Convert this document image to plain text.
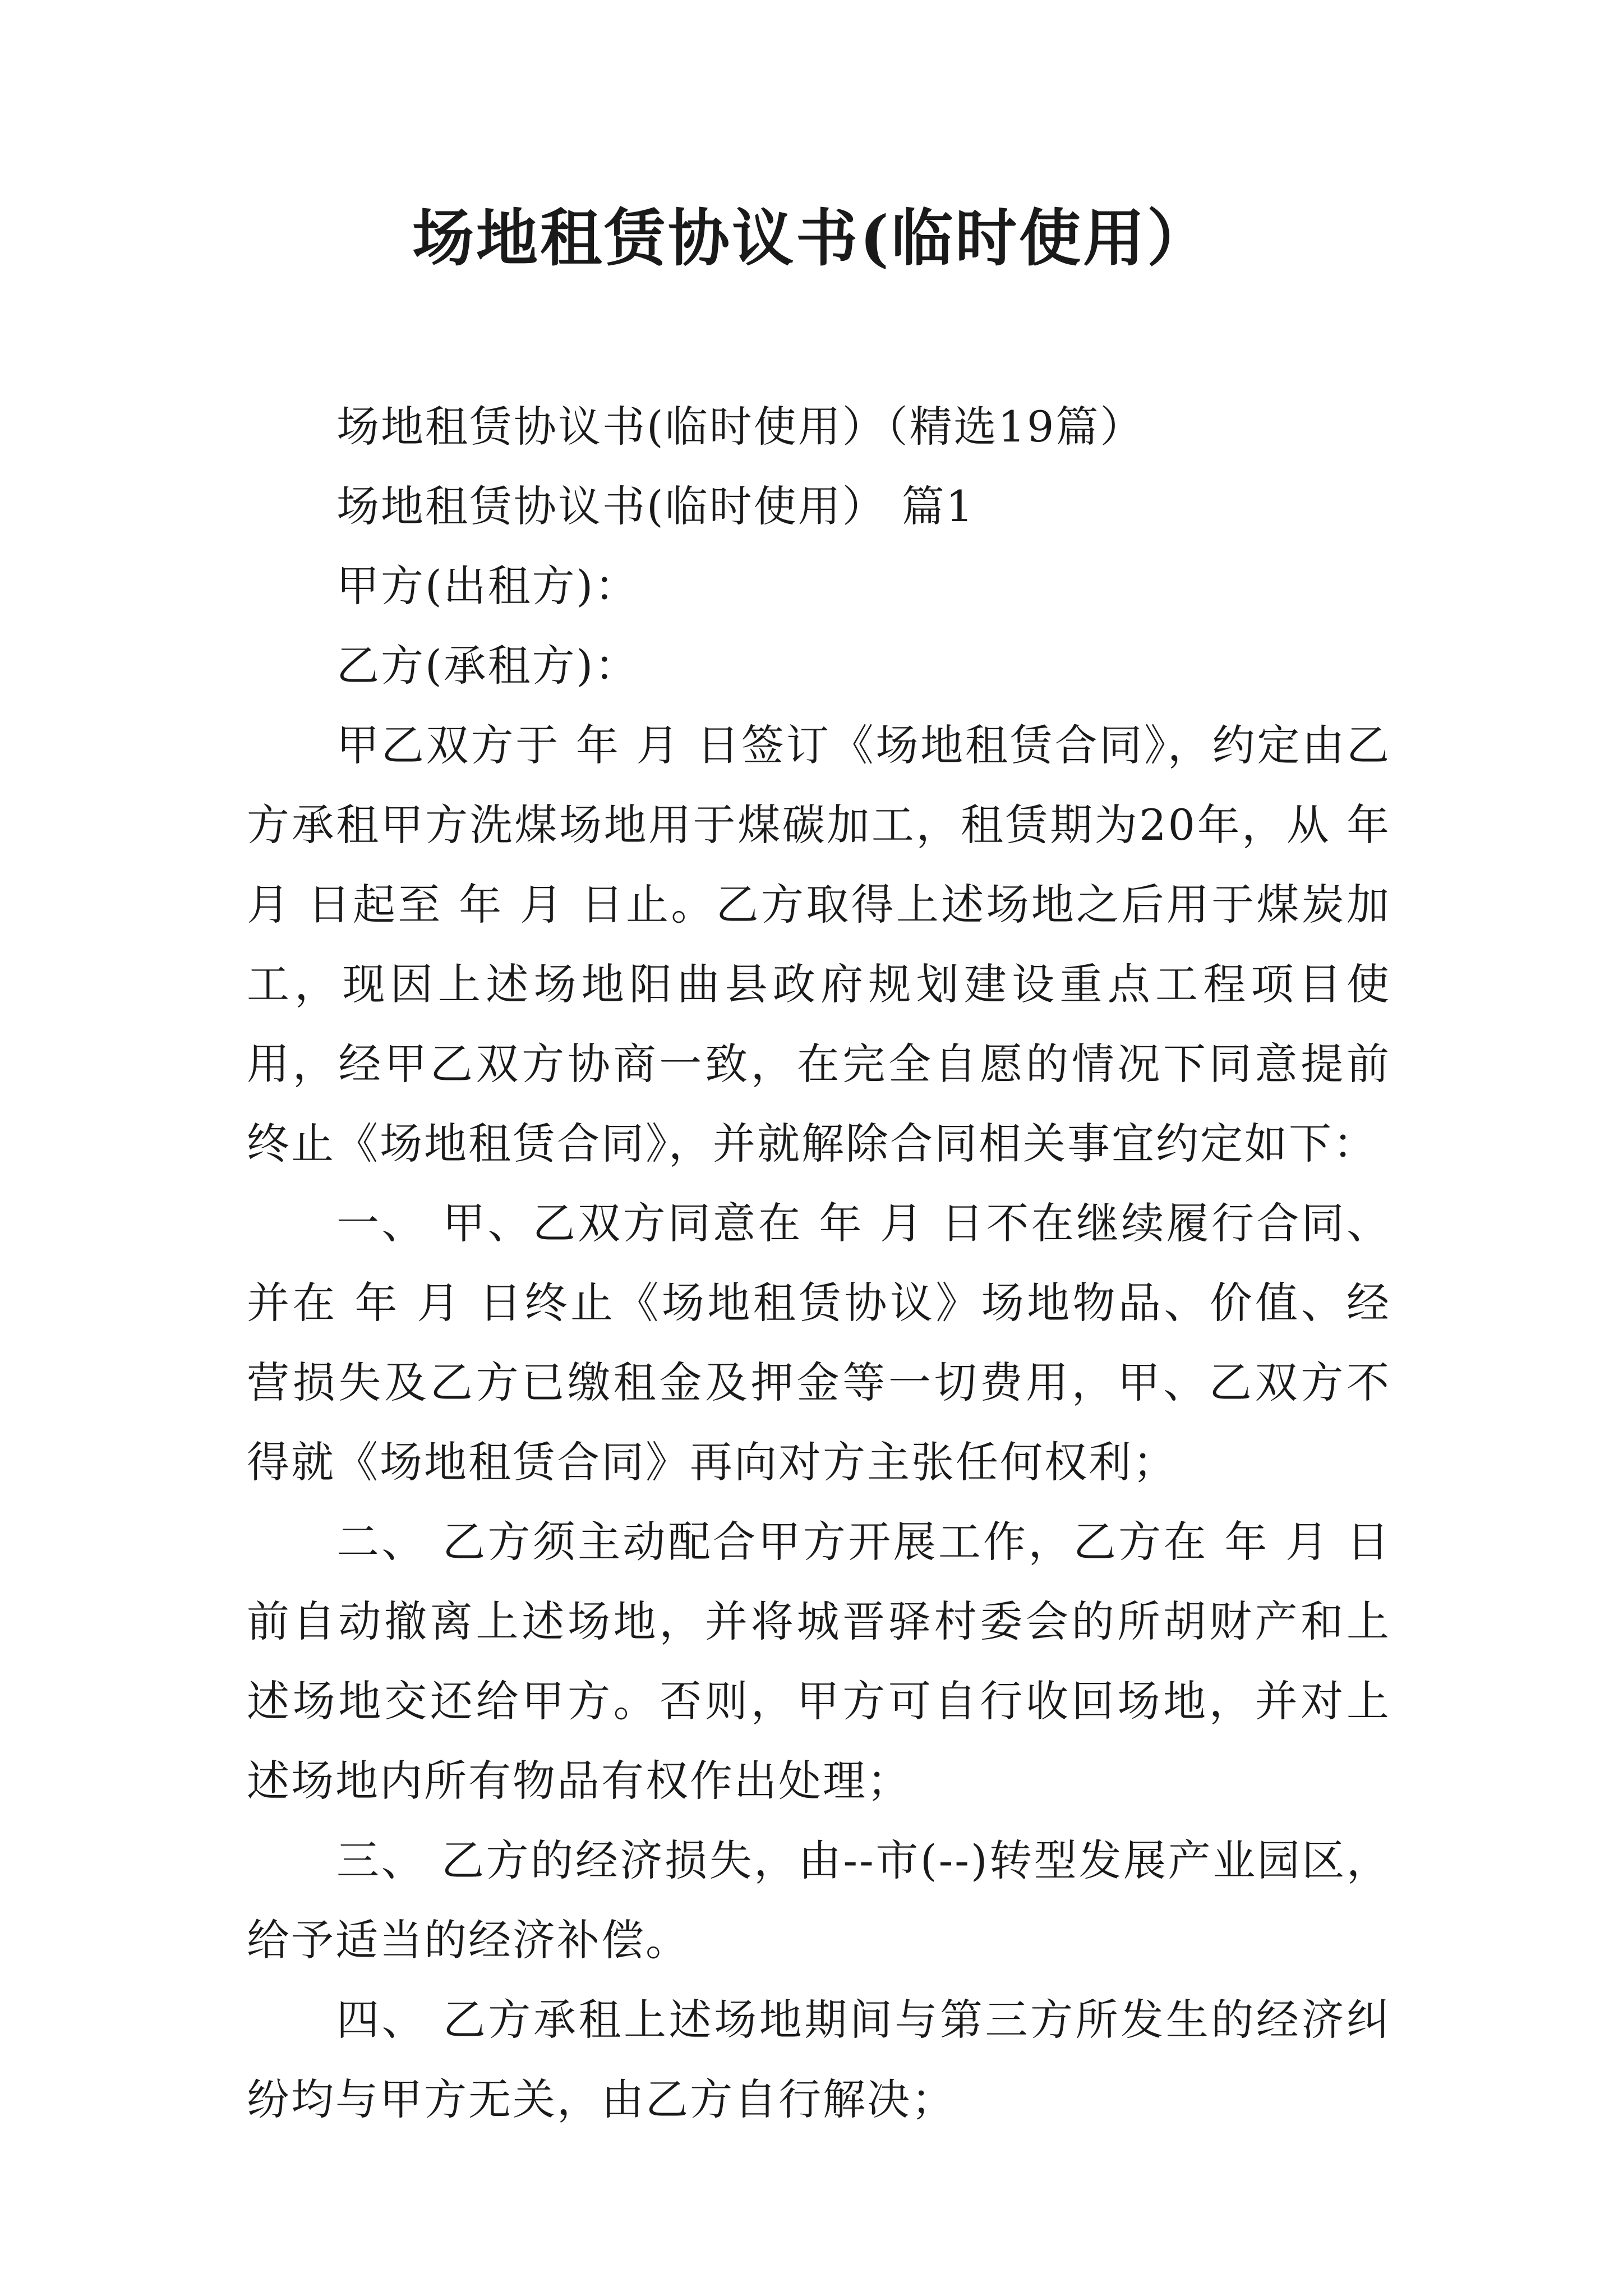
场地租赁协议书(临时使用）

场地租赁协议书(临时使用）（精选19篇）

场地租赁协议书(临时使用） 篇1

甲方(出租方)：

乙方(承租方)：

甲乙双方于 年 月 日签订《场地租赁合同》，约定由乙方承租甲方洗煤场地用于煤碳加工，租赁期为20年，从 年 月 日起至 年 月 日止。乙方取得上述场地之后用于煤炭加工，现因上述场地阳曲县政府规划建设重点工程项目使用，经甲乙双方协商一致，在完全自愿的情况下同意提前终止《场地租赁合同》，并就解除合同相关事宜约定如下：

一、 甲、乙双方同意在 年 月 日不在继续履行合同、并在 年 月 日终止《场地租赁协议》场地物品、价值、经营损失及乙方已缴租金及押金等一切费用，甲、乙双方不得就《场地租赁合同》再向对方主张任何权利；

二、 乙方须主动配合甲方开展工作，乙方在 年 月 日前自动撤离上述场地，并将城晋驿村委会的所胡财产和上述场地交还给甲方。否则，甲方可自行收回场地，并对上述场地内所有物品有权作出处理；

三、 乙方的经济损失，由--市(--)转型发展产业园区，给予适当的经济补偿。

四、 乙方承租上述场地期间与第三方所发生的经济纠纷均与甲方无关，由乙方自行解决；
